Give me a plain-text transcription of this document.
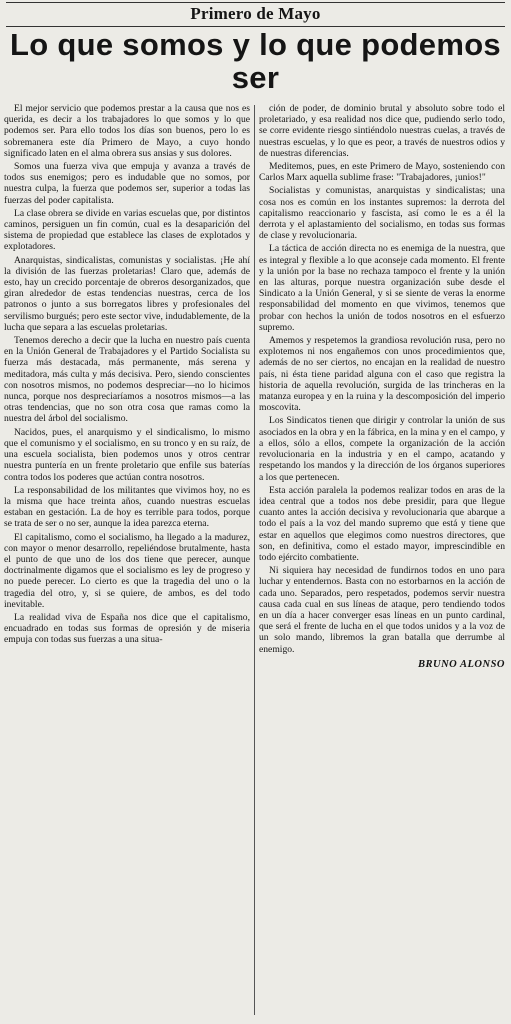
Primero de Mayo
Lo que somos y lo que podemos ser

El mejor servicio que podemos prestar a la causa que nos es querida, es decir a los trabajadores lo que somos y lo que podemos ser. Para ello todos los días son buenos, pero lo es sobremanera este día Primero de Mayo, a cuyo hondo significado laten en el alma obrera sus ansias y sus dolores.

Somos una fuerza viva que empuja y avanza a través de todos sus enemigos; pero es indudable que no somos, por nuestra culpa, la fuerza que podemos ser, superior a todas las fuerzas del poder capitalista.

La clase obrera se divide en varias escuelas que, por distintos caminos, persiguen un fin común, cual es la desaparición del sistema de propiedad que establece las clases de explotados y explotadores.

Anarquistas, sindicalistas, comunistas y socialistas. ¡He ahí la división de las fuerzas proletarias! Claro que, además de esto, hay un crecido porcentaje de obreros desorganizados, que giran alrededor de estas tendencias nuestras, cerca de los patronos o junto a sus borregatos libres y profesionales del servilismo burgués; pero este sector vive, indudablemente, de la lucha que separa a las escuelas proletarias.

Tenemos derecho a decir que la lucha en nuestro país cuenta en la Unión General de Trabajadores y el Partido Socialista su fuerza más destacada, más permanente, más serena y meditadora, más culta y más decisiva. Pero, siendo conscientes con nosotros mismos, no podemos despreciar—no lo hicimos nunca, porque nos despreciaríamos a nosotros mismos—a las otras tendencias, que no son otra cosa que ramas como la nuestra del árbol del socialismo.

Nacidos, pues, el anarquismo y el sindicalismo, lo mismo que el comunismo y el socialismo, en su tronco y en su raíz, de una escuela socialista, bien podemos unos y otros centrar nuestra puntería en un frente proletario que enfile sus baterías contra todos los poderes que actúan contra nosotros.

La responsabilidad de los militantes que vivimos hoy, no es la misma que hace treinta años, cuando nuestras escuelas estaban en gestación. La de hoy es terrible para todos, porque se trata de ser o no ser, aunque la idea parezca eterna.

El capitalismo, como el socialismo, ha llegado a la madurez, con mayor o menor desarrollo, repeliéndose brutalmente, hasta el punto de que uno de los dos tiene que perecer, aunque doctrinalmente digamos que el socialismo es ley de progreso y no puede perecer. Lo cierto es que la tragedia del uno o la tragedia del otro, y, si se quiere, de ambos, es del todo inevitable.

La realidad viva de España nos dice que el capitalismo, encuadrado en todas sus formas de opresión y de miseria empuja con todas sus fuerzas a una situa-

ción de poder, de dominio brutal y absoluto sobre todo el proletariado, y esa realidad nos dice que, pudiendo serlo todo, se corre evidente riesgo sintiéndolo nuestras cuelas, a través de nuestras escuelas, y lo que es peor, a través de nuestros odios y de nuestras diferencias.

Meditemos, pues, en este Primero de Mayo, sosteniendo con Carlos Marx aquella sublime frase: "Trabajadores, ¡unios!"

Socialistas y comunistas, anarquistas y sindicalistas; una cosa nos es común en los instantes supremos: la derrota del capitalismo reaccionario y fascista, así como le es a él la derrota y el aplastamiento del socialismo, en todas sus formas de clase y revolucionaria.

La táctica de acción directa no es enemiga de la nuestra, que es integral y flexible a lo que aconseje cada momento. El frente y la unión por la base no rechaza tampoco el frente y la unión en las alturas, porque nuestra organización sube desde el Sindicato a la Unión General, y si se siente de veras la enorme responsabilidad del momento en que vivimos, tenemos que probar con hechos la unión de todos nosotros en el esfuerzo supremo.

Amemos y respetemos la grandiosa revolución rusa, pero no explotemos ni nos engañemos con unos procedimientos que, además de no ser ciertos, no encajan en la realidad de nuestro país, ni ésta tiene paridad alguna con el caso que registra la historia de aquella revolución, surgida de las trincheras en la matanza europea y en la ruina y la descomposición del imperio moscovita.

Los Sindicatos tienen que dirigir y controlar la unión de sus asociados en la obra y en la fábrica, en la mina y en el campo, y a ellos, sólo a ellos, compete la organización de la acción revolucionaria en la industria y en el campo, acatando y respetando los mandos y la dirección de los órganos superiores a los que pertenecen.

Esta acción paralela la podemos realizar todos en aras de la idea central que a todos nos debe presidir, para que llegue cuanto antes la acción decisiva y revolucionaria que abarque a todo el país a la voz del mando supremo que está y tiene que estar en aquellos que elegimos como nuestros directores, que son, en definitiva, como el estado mayor, imprescindible en todo ejército combatiente.

Ni siquiera hay necesidad de fundirnos todos en uno para luchar y entendernos. Basta con no estorbarnos en la acción de cada uno. Separados, pero respetados, podemos servir nuestra causa cada cual en sus líneas de ataque, pero tendiendo todos en un día a hacer converger esas líneas en un punto cardinal, que será el frente de lucha en el que todos unidos y a la voz de un solo mando, libremos la gran batalla que derrumbe al enemigo.

BRUNO ALONSO
